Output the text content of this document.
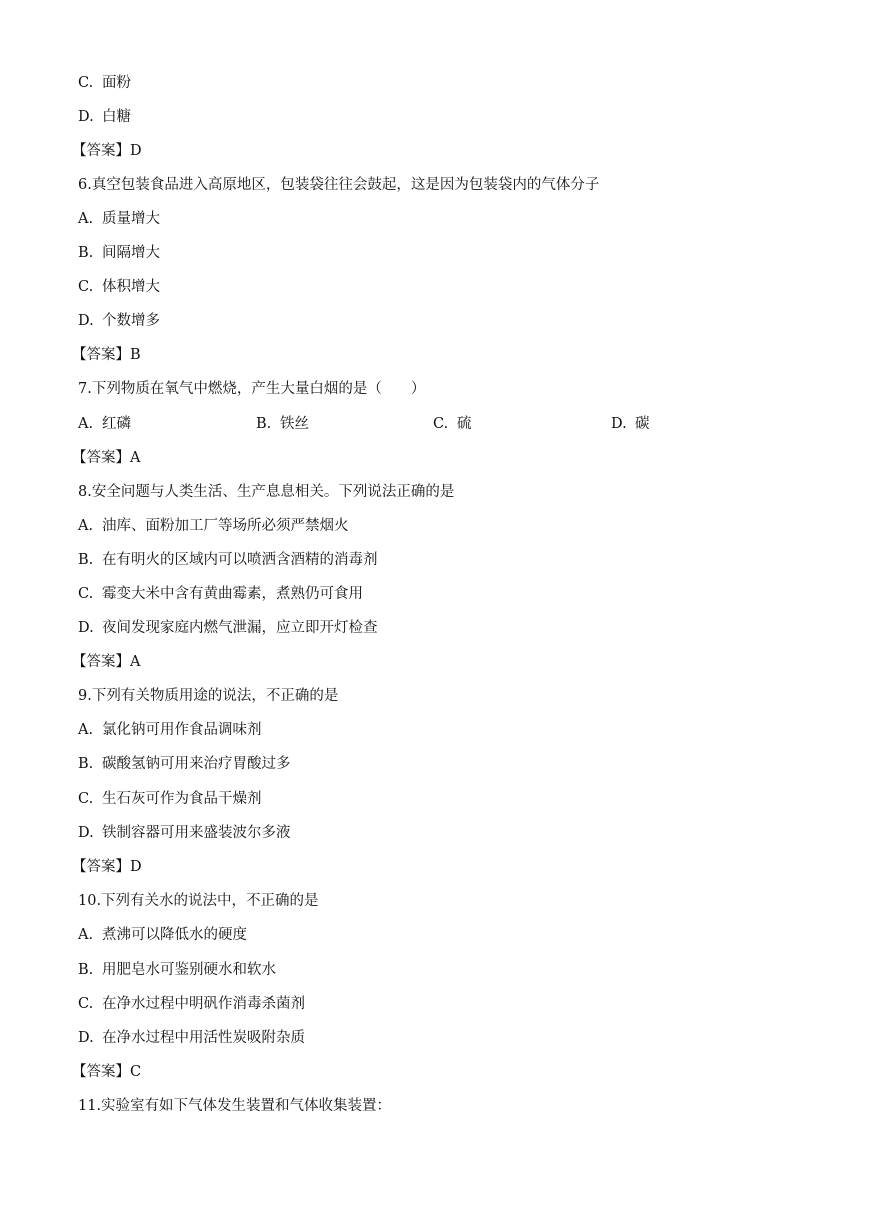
C. 面粉
D. 白糖
【答案】D
6.真空包装食品进入高原地区，包装袋往往会鼓起，这是因为包装袋内的气体分子
A. 质量增大
B. 间隔增大
C. 体积增大
D. 个数增多
【答案】B
7.下列物质在氧气中燃烧，产生大量白烟的是（　　）
A. 红磷	B. 铁丝	C. 硫	D. 碳
【答案】A
8.安全问题与人类生活、生产息息相关。下列说法正确的是
A. 油库、面粉加工厂等场所必须严禁烟火
B. 在有明火的区域内可以喷洒含酒精的消毒剂
C. 霉变大米中含有黄曲霉素，煮熟仍可食用
D. 夜间发现家庭内燃气泄漏，应立即开灯检查
【答案】A
9.下列有关物质用途的说法，不正确的是
A. 氯化钠可用作食品调味剂
B. 碳酸氢钠可用来治疗胃酸过多
C. 生石灰可作为食品干燥剂
D. 铁制容器可用来盛装波尔多液
【答案】D
10.下列有关水的说法中，不正确的是
A. 煮沸可以降低水的硬度
B. 用肥皂水可鉴别硬水和软水
C. 在净水过程中明矾作消毒杀菌剂
D. 在净水过程中用活性炭吸附杂质
【答案】C
11.实验室有如下气体发生装置和气体收集装置：
